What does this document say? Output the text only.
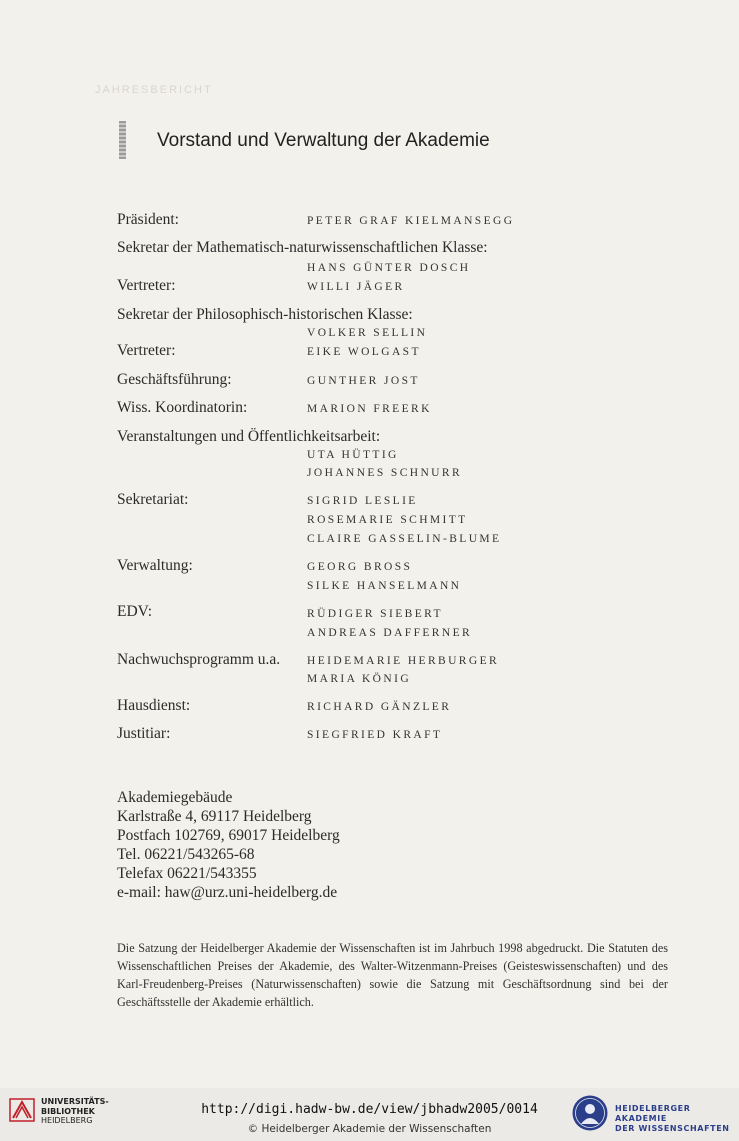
JAHRESBERICHT
Vorstand und Verwaltung der Akademie
Präsident:	PETER GRAF KIELMANSEGG
Sekretar der Mathematisch-naturwissenschaftlichen Klasse:
HANS GÜNTER DOSCH
Vertreter:	WILLI JÄGER
Sekretar der Philosophisch-historischen Klasse:
VOLKER SELLIN
Vertreter:	EIKE WOLGAST
Geschäftsführung:	GUNTHER JOST
Wiss. Koordinatorin:	MARION FREERK
Veranstaltungen und Öffentlichkeitsarbeit:
UTA HÜTTIG
JOHANNES SCHNURR
Sekretariat:	SIGRID LESLIE
ROSEMARIE SCHMITT
CLAIRE GASSELIN-BLUME
Verwaltung:	GEORG BROSS
SILKE HANSELMANN
EDV:	RÜDIGER SIEBERT
ANDREAS DAFFERNER
Nachwuchsprogramm u.a. HEIDEMARIE HERBURGER
MARIA KÖNIG
Hausdienst:	RICHARD GÄNZLER
Justitiar:	SIEGFRIED KRAFT
Akademiegebäude
Karlstraße 4, 69117 Heidelberg
Postfach 102769, 69017 Heidelberg
Tel. 06221/543265-68
Telefax 06221/543355
e-mail: haw@urz.uni-heidelberg.de

Die Satzung der Heidelberger Akademie der Wissenschaften ist im Jahrbuch 1998 abgedruckt. Die Statuten des Wissenschaftlichen Preises der Akademie, des Walter-Witzenmann-Preises (Geisteswissenschaften) und des Karl-Freudenberg-Preises (Naturwissenschaften) sowie die Satzung mit Geschäftsordnung sind bei der Geschäftsstelle der Akademie erhältlich.

UNIVERSITÄTS-
BIBLIOTHEK
HEIDELBERG
http://digi.hadw-bw.de/view/jbhadw2005/0014
© Heidelberger Akademie der Wissenschaften
HEIDELBERGER AKADEMIE
DER WISSENSCHAFTEN
